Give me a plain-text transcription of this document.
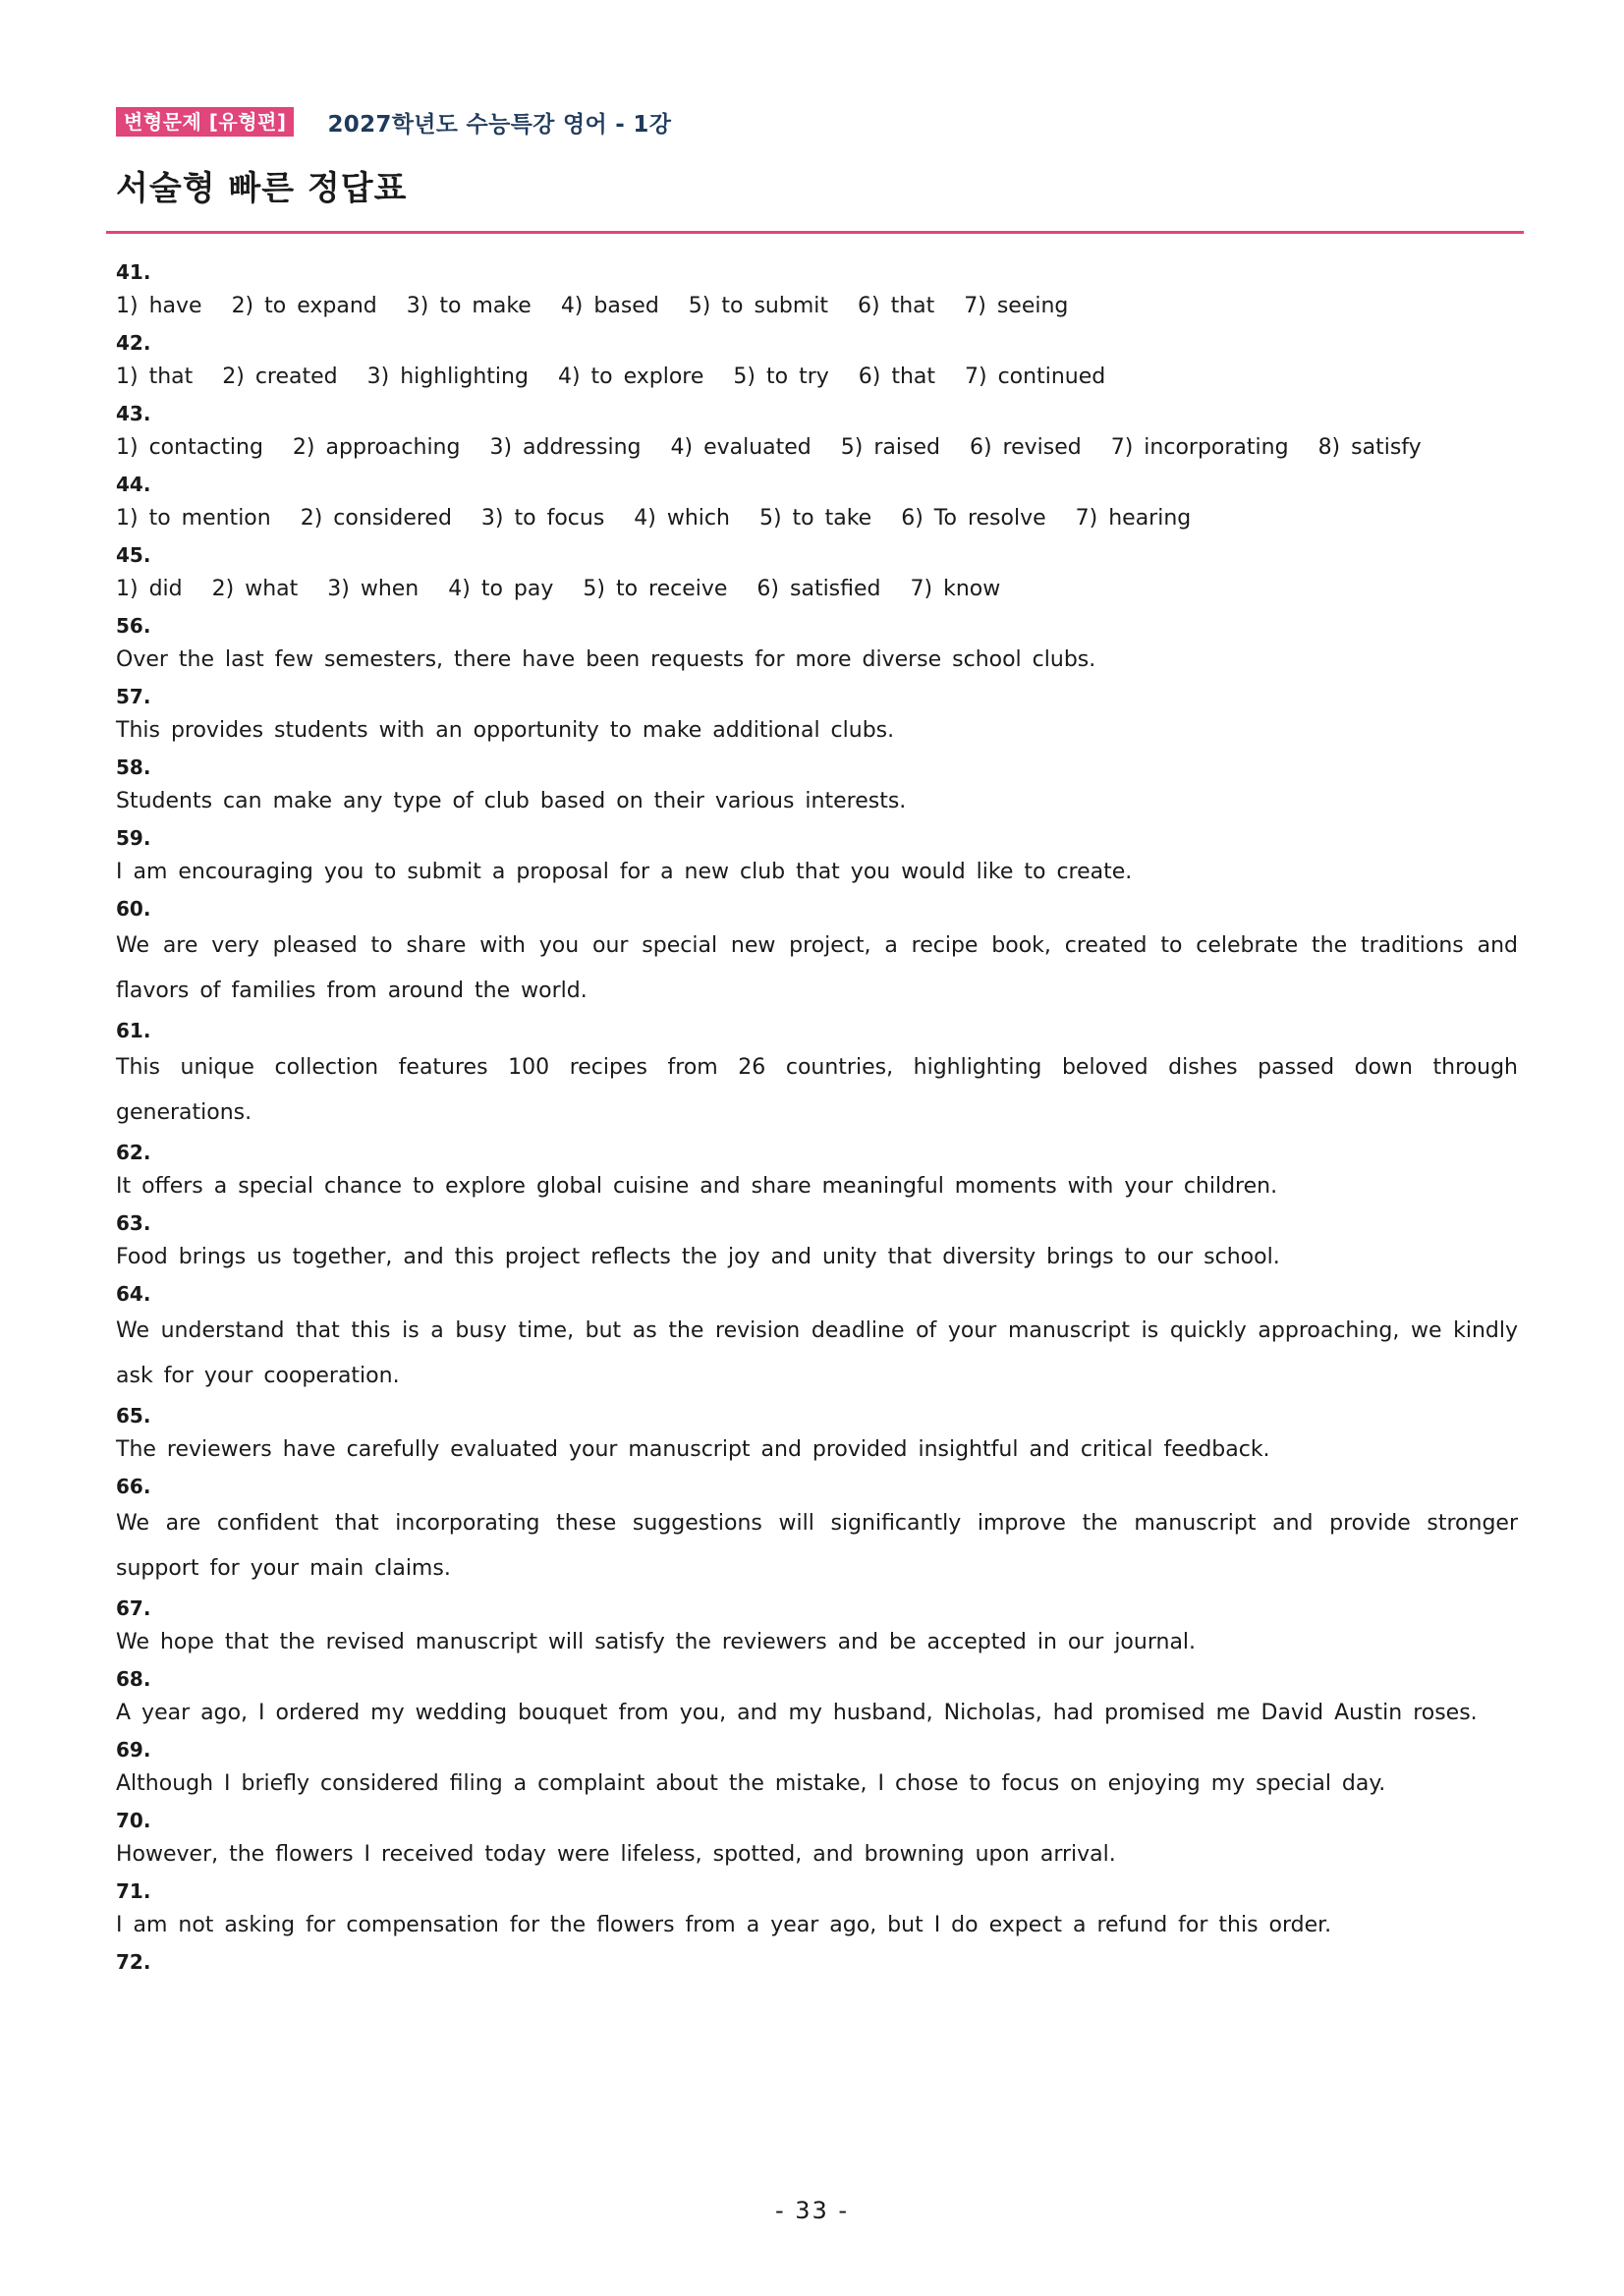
변형문제 [유형편]	2027학년도 수능특강 영어 - 1강
서술형 빠른 정답표
41.
1) have 2) to expand 3) to make 4) based 5) to submit 6) that 7) seeing
42.
1) that 2) created 3) highlighting 4) to explore 5) to try 6) that 7) continued
43.
1) contacting 2) approaching 3) addressing 4) evaluated 5) raised 6) revised 7) incorporating 8) satisfy
44.
1) to mention 2) considered 3) to focus 4) which 5) to take 6) To resolve 7) hearing
45.
1) did 2) what 3) when 4) to pay 5) to receive 6) satisfied 7) know
56.
Over the last few semesters, there have been requests for more diverse school clubs.
57.
This provides students with an opportunity to make additional clubs.
58.
Students can make any type of club based on their various interests.
59.
I am encouraging you to submit a proposal for a new club that you would like to create.
60.
We are very pleased to share with you our special new project, a recipe book, created to celebrate the traditions and flavors of families from around the world.
61.
This unique collection features 100 recipes from 26 countries, highlighting beloved dishes passed down through generations.
62.
It offers a special chance to explore global cuisine and share meaningful moments with your children.
63.
Food brings us together, and this project reflects the joy and unity that diversity brings to our school.
64.
We understand that this is a busy time, but as the revision deadline of your manuscript is quickly approaching, we kindly ask for your cooperation.
65.
The reviewers have carefully evaluated your manuscript and provided insightful and critical feedback.
66.
We are confident that incorporating these suggestions will significantly improve the manuscript and provide stronger support for your main claims.
67.
We hope that the revised manuscript will satisfy the reviewers and be accepted in our journal.
68.
A year ago, I ordered my wedding bouquet from you, and my husband, Nicholas, had promised me David Austin roses.
69.
Although I briefly considered filing a complaint about the mistake, I chose to focus on enjoying my special day.
70.
However, the flowers I received today were lifeless, spotted, and browning upon arrival.
71.
I am not asking for compensation for the flowers from a year ago, but I do expect a refund for this order.
72.
- 33 -
